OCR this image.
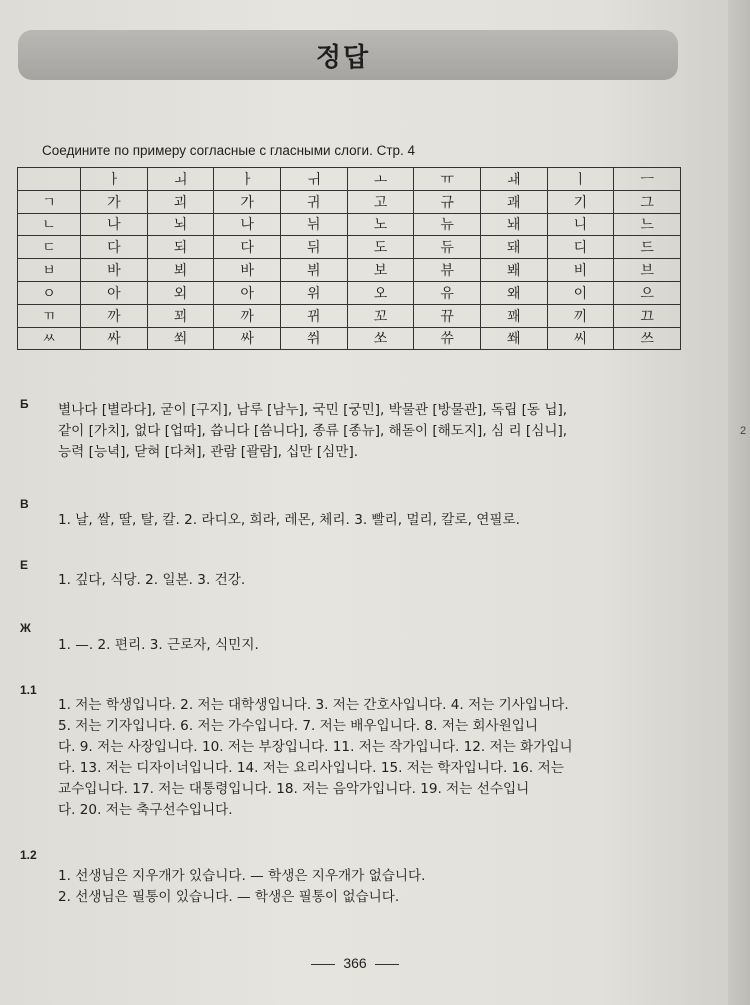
2
정답
Соедините по примеру согласные с гласными слоги. Стр. 4
	ㅏ	ㅚ	ㅏ	ㅟ	ㅗ	ㅠ	ㅙ	ㅣ	ㅡ
ㄱ	가	괴	가	귀	고	규	괘	기	그
ㄴ	나	뇌	나	뉘	노	뉴	놰	니	느
ㄷ	다	되	다	뒤	도	듀	돼	디	드
ㅂ	바	뵈	바	뷔	보	뷰	봬	비	브
ㅇ	아	외	아	위	오	유	왜	이	으
ㄲ	까	꾀	까	뀌	꼬	뀨	꽤	끼	끄
ㅆ	싸	쐬	싸	쒸	쏘	쓔	쐐	씨	쓰
Б 별나다 [별라다], 굳이 [구지], 남루 [남누], 국민 [궁민], 박물관 [방물관], 독립 [동 닙],
같이 [가치], 없다 [업따], 씁니다 [씀니다], 종류 [종뉴], 해돋이 [해도지], 심 리 [심니],
능력 [능녁], 닫혀 [다쳐], 관람 [괄람], 십만 [심만].
В
1. 날, 쌀, 딸, 탈, 칼. 2. 라디오, 희라, 레몬, 체리. 3. 빨리, 멀리, 칼로, 연필로.
Е
1. 깊다, 식당. 2. 일본. 3. 건강.
Ж
1. —. 2. 편리. 3. 근로자, 식민지.
1.1
1. 저는 학생입니다. 2. 저는 대학생입니다. 3. 저는 간호사입니다. 4. 저는 기사입니다.
5. 저는 기자입니다. 6. 저는 가수입니다. 7. 저는 배우입니다. 8. 저는 회사원입니
다. 9. 저는 사장입니다. 10. 저는 부장입니다. 11. 저는 작가입니다. 12. 저는 화가입니
다. 13. 저는 디자이너입니다. 14. 저는 요리사입니다. 15. 저는 학자입니다. 16. 저는
교수입니다. 17. 저는 대통령입니다. 18. 저는 음악가입니다. 19. 저는 선수입니
다. 20. 저는 축구선수입니다.
1.2
1. 선생님은 지우개가 있습니다. — 학생은 지우개가 없습니다.
2. 선생님은 필통이 있습니다. — 학생은 필통이 없습니다.
366
